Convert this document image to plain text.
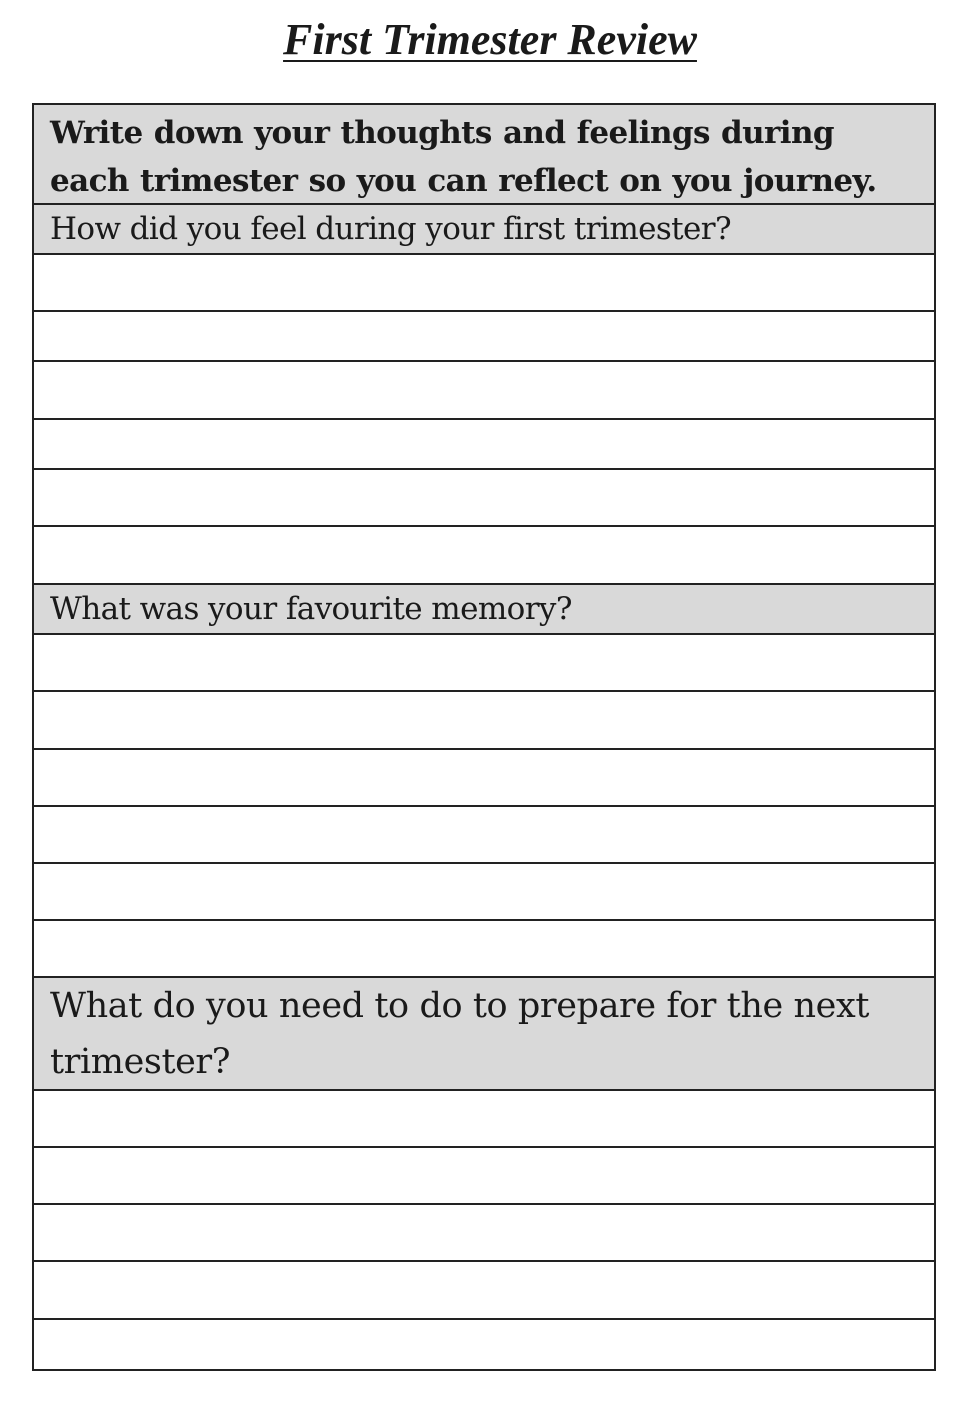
First Trimester Review
Write down your thoughts and feelings during each trimester so you can reflect on you journey.
How did you feel during your first trimester?
What was your favourite memory?
What do you need to do to prepare for the next trimester?
